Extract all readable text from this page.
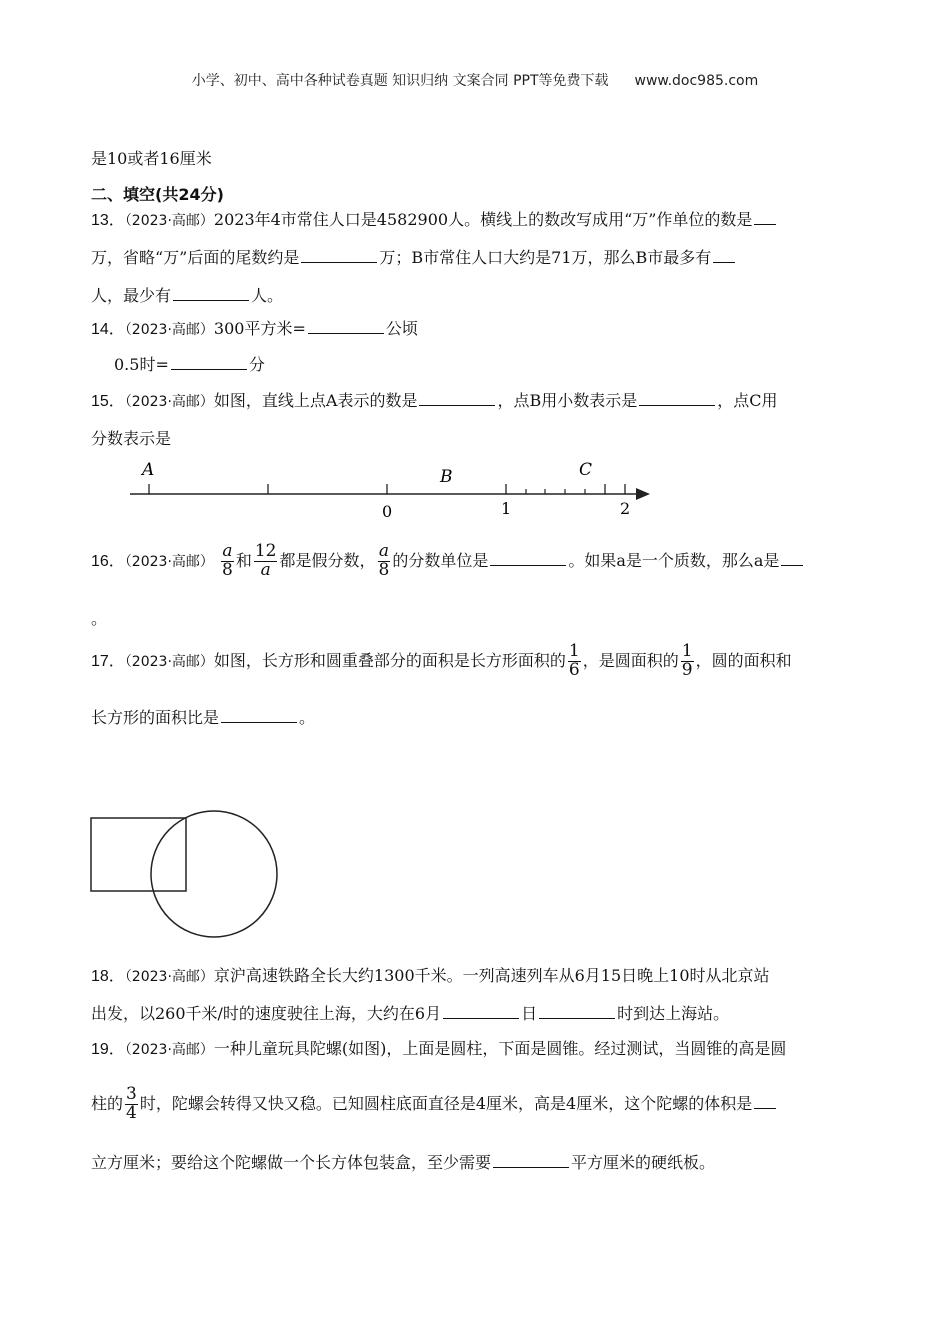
小学、初中、高中各种试卷真题 知识归纳 文案合同 PPT等免费下载 www.doc985.com
是10或者16厘米
二、填空(共24分)
13．（2023·高邮）2023年4市常住人口是4582900人。横线上的数改写成用“万”作单位的数是
万，省略“万”后面的尾数约是	万；B市常住人口大约是71万，那么B市最多有
人，最少有	人。
14．（2023·高邮）300平方米=	公顷
0.5时=	分
15．（2023·高邮）如图，直线上点A表示的数是	，点B用小数表示是	，点C用
分数表示是
A	B	C
0	1	2
16．（2023·高邮） $\frac{a}{8}$ 和 $\frac{12}{a}$ 都是假分数， $\frac{a}{8}$ 的分数单位是	。如果a是一个质数，那么a是
。
17．（2023·高邮）如图，长方形和圆重叠部分的面积是长方形面积的 $\frac{1}{6}$ ，是圆面积的 $\frac{1}{9}$ ，圆的面积和
长方形的面积比是	。
18．（2023·高邮）京沪高速铁路全长大约1300千米。一列高速列车从6月15日晚上10时从北京站
出发，以260千米/时的速度驶往上海，大约在6月	日	时到达上海站。
19．（2023·高邮）一种儿童玩具陀螺(如图)，上面是圆柱，下面是圆锥。经过测试，当圆锥的高是圆
柱的 $\frac{3}{4}$ 时，陀螺会转得又快又稳。已知圆柱底面直径是4厘米，高是4厘米，这个陀螺的体积是
立方厘米；要给这个陀螺做一个长方体包装盒，至少需要	平方厘米的硬纸板。
